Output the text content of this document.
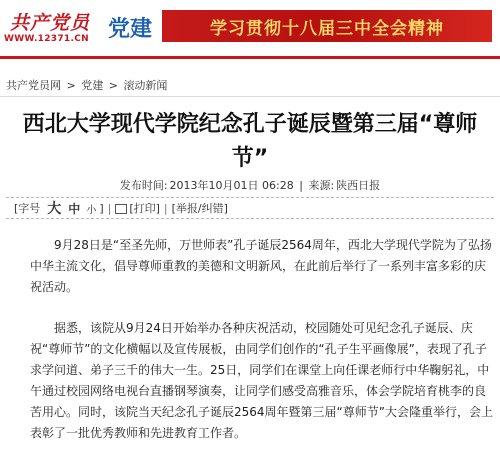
共产党员
WWW.12371.CN 党建	学习贯彻十八届三中全会精神
共产党员网 > 党建 > 滚动新闻
西北大学现代学院纪念孔子诞辰暨第三届“尊师节”
发布时间: 2013年10月01日 06:28 | 来源: 陕西日报
[ 字号 大 中 小 ] | [打印] | [举报/纠错]

9月28日是“至圣先师，万世师表”孔子诞辰2564周年，西北大学现代学院为了弘扬中华主流文化，倡导尊师重教的美德和文明新风，在此前后举行了一系列丰富多彩的庆祝活动。

据悉，该院从9月24日开始举办各种庆祝活动，校园随处可见纪念孔子诞辰、庆祝“尊师节”的文化横幅以及宣传展板，由同学们创作的“孔子生平画像展”，表现了孔子求学问道、弟子三千的伟大一生。25日，同学们在课堂上向任课老师行中华鞠躬礼，中午通过校园网络电视台直播钢琴演奏，让同学们感受高雅音乐，体会学院培育桃李的良苦用心。同时，该院当天纪念孔子诞辰2564周年暨第三届“尊师节”大会隆重举行，会上表彰了一批优秀教师和先进教育工作者。
